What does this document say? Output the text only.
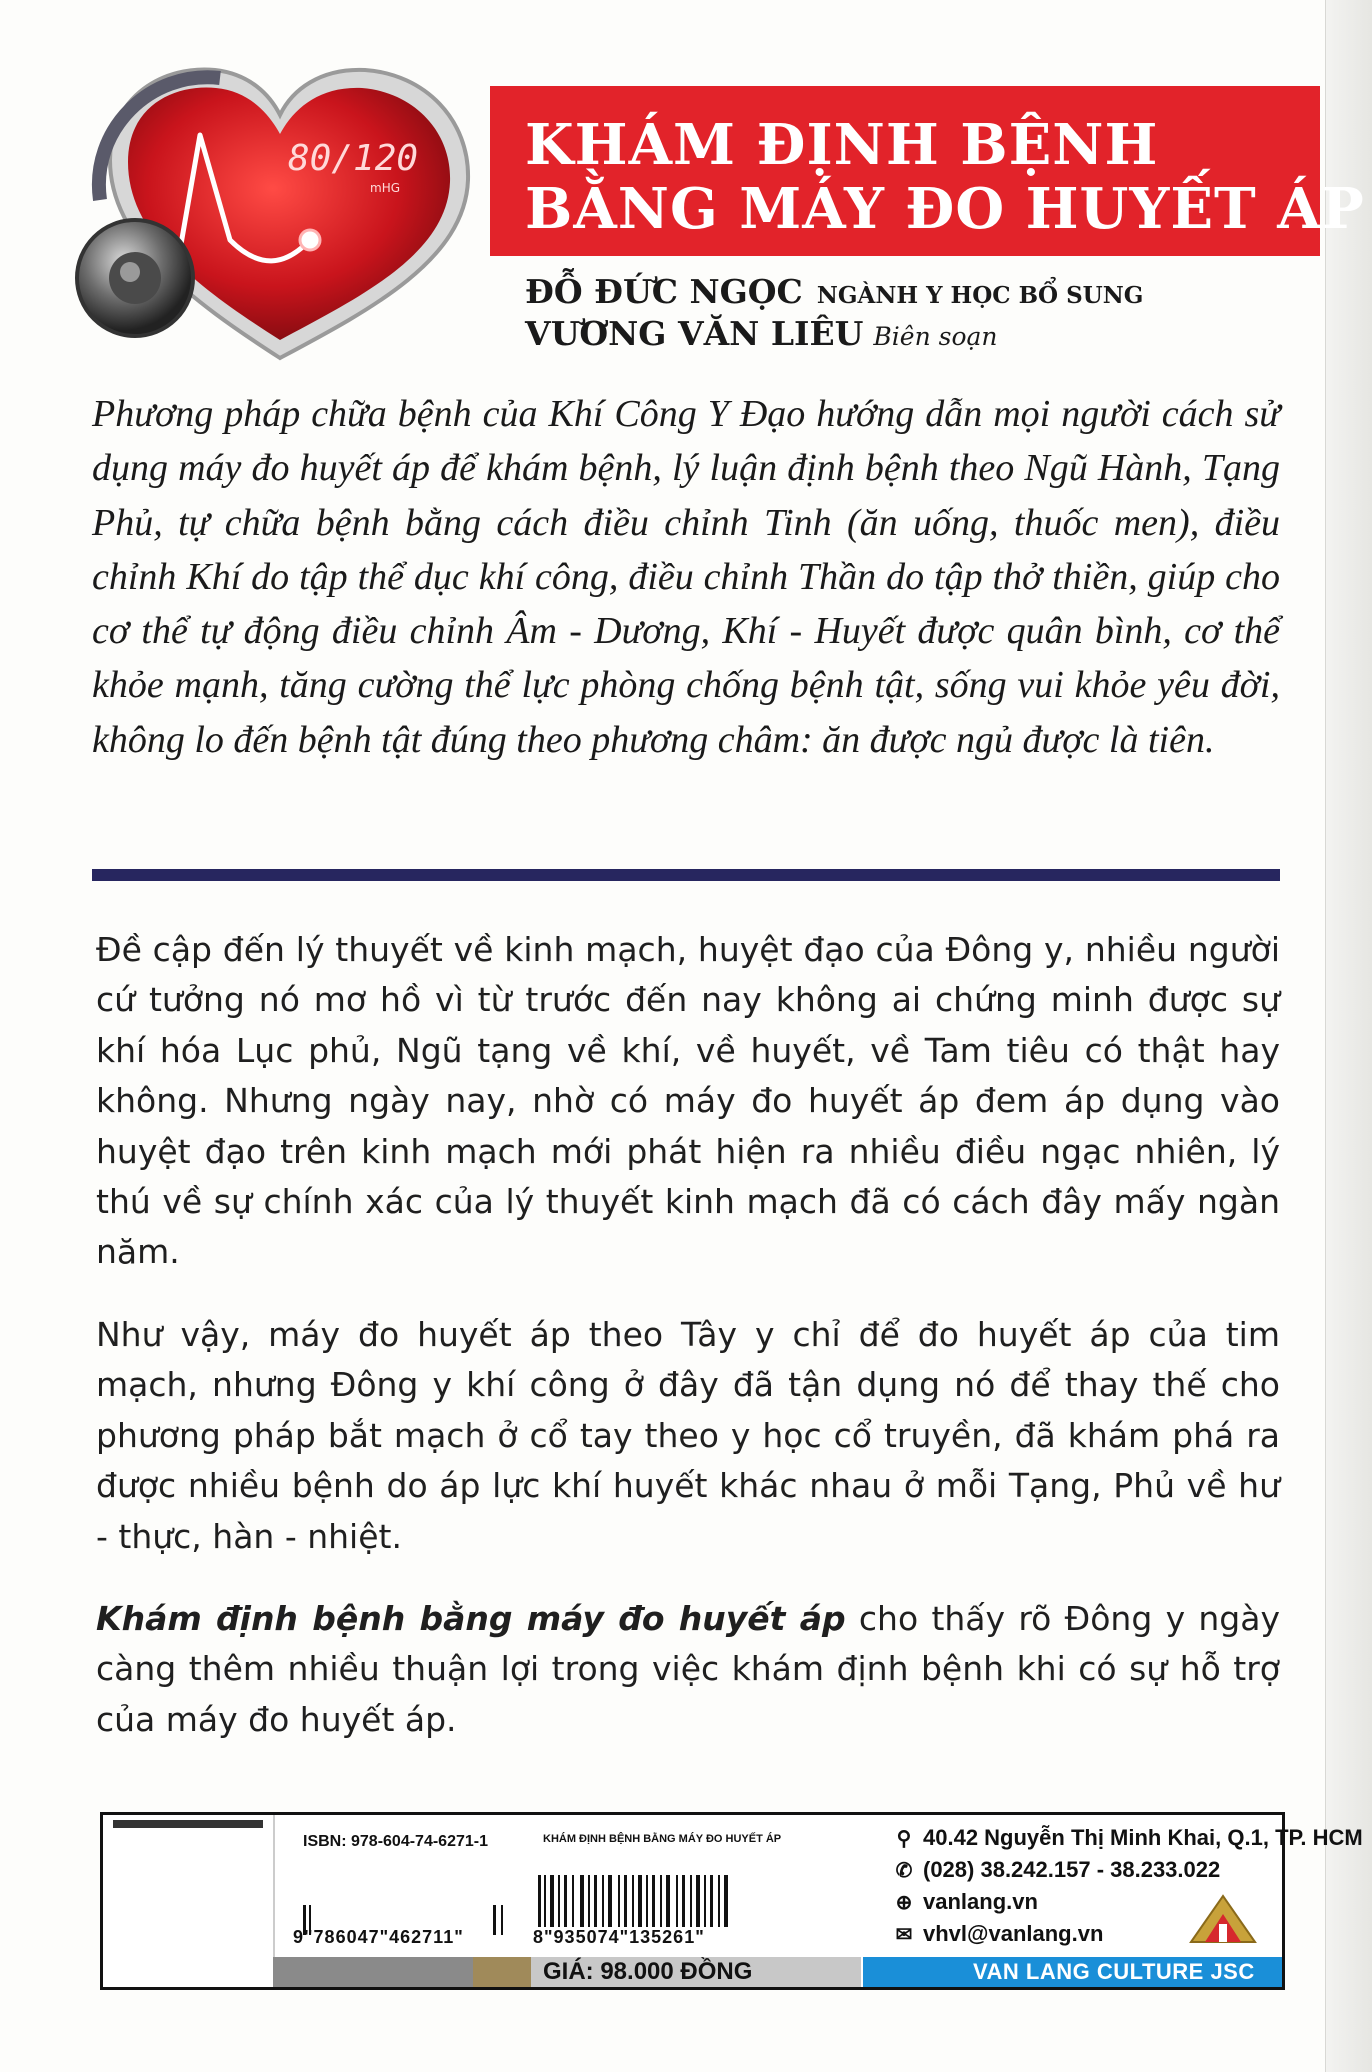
80/120
mHG
KHÁM ĐỊNH BỆNH
BẰNG MÁY ĐO HUYẾT ÁP
ĐỖ ĐỨC NGỌC NGÀNH Y HỌC BỔ SUNG
VƯƠNG VĂN LIÊU Biên soạn
Phương pháp chữa bệnh của Khí Công Y Đạo hướng dẫn mọi người cách sử dụng máy đo huyết áp để khám bệnh, lý luận định bệnh theo Ngũ Hành, Tạng Phủ, tự chữa bệnh bằng cách điều chỉnh Tinh (ăn uống, thuốc men), điều chỉnh Khí do tập thể dục khí công, điều chỉnh Thần do tập thở thiền, giúp cho cơ thể tự động điều chỉnh Âm - Dương, Khí - Huyết được quân bình, cơ thể khỏe mạnh, tăng cường thể lực phòng chống bệnh tật, sống vui khỏe yêu đời, không lo đến bệnh tật đúng theo phương châm: ăn được ngủ được là tiên.

Đề cập đến lý thuyết về kinh mạch, huyệt đạo của Đông y, nhiều người cứ tưởng nó mơ hồ vì từ trước đến nay không ai chứng minh được sự khí hóa Lục phủ, Ngũ tạng về khí, về huyết, về Tam tiêu có thật hay không. Nhưng ngày nay, nhờ có máy đo huyết áp đem áp dụng vào huyệt đạo trên kinh mạch mới phát hiện ra nhiều điều ngạc nhiên, lý thú về sự chính xác của lý thuyết kinh mạch đã có cách đây mấy ngàn năm.

Như vậy, máy đo huyết áp theo Tây y chỉ để đo huyết áp của tim mạch, nhưng Đông y khí công ở đây đã tận dụng nó để thay thế cho phương pháp bắt mạch ở cổ tay theo y học cổ truyền, đã khám phá ra được nhiều bệnh do áp lực khí huyết khác nhau ở mỗi Tạng, Phủ về hư - thực, hàn - nhiệt.

Khám định bệnh bằng máy đo huyết áp cho thấy rõ Đông y ngày càng thêm nhiều thuận lợi trong việc khám định bệnh khi có sự hỗ trợ của máy đo huyết áp.

ISBN: 978-604-74-6271-1	KHÁM ĐỊNH BỆNH BẰNG MÁY ĐO HUYẾT ÁP
9"786047"462711"	8"935074"135261"
GIÁ: 98.000 ĐỒNG
⚲ 40.42 Nguyễn Thị Minh Khai, Q.1, TP. HCM
✆ (028) 38.242.157 - 38.233.022
⊕ vanlang.vn
✉ vhvl@vanlang.vn
VAN LANG CULTURE JSC
